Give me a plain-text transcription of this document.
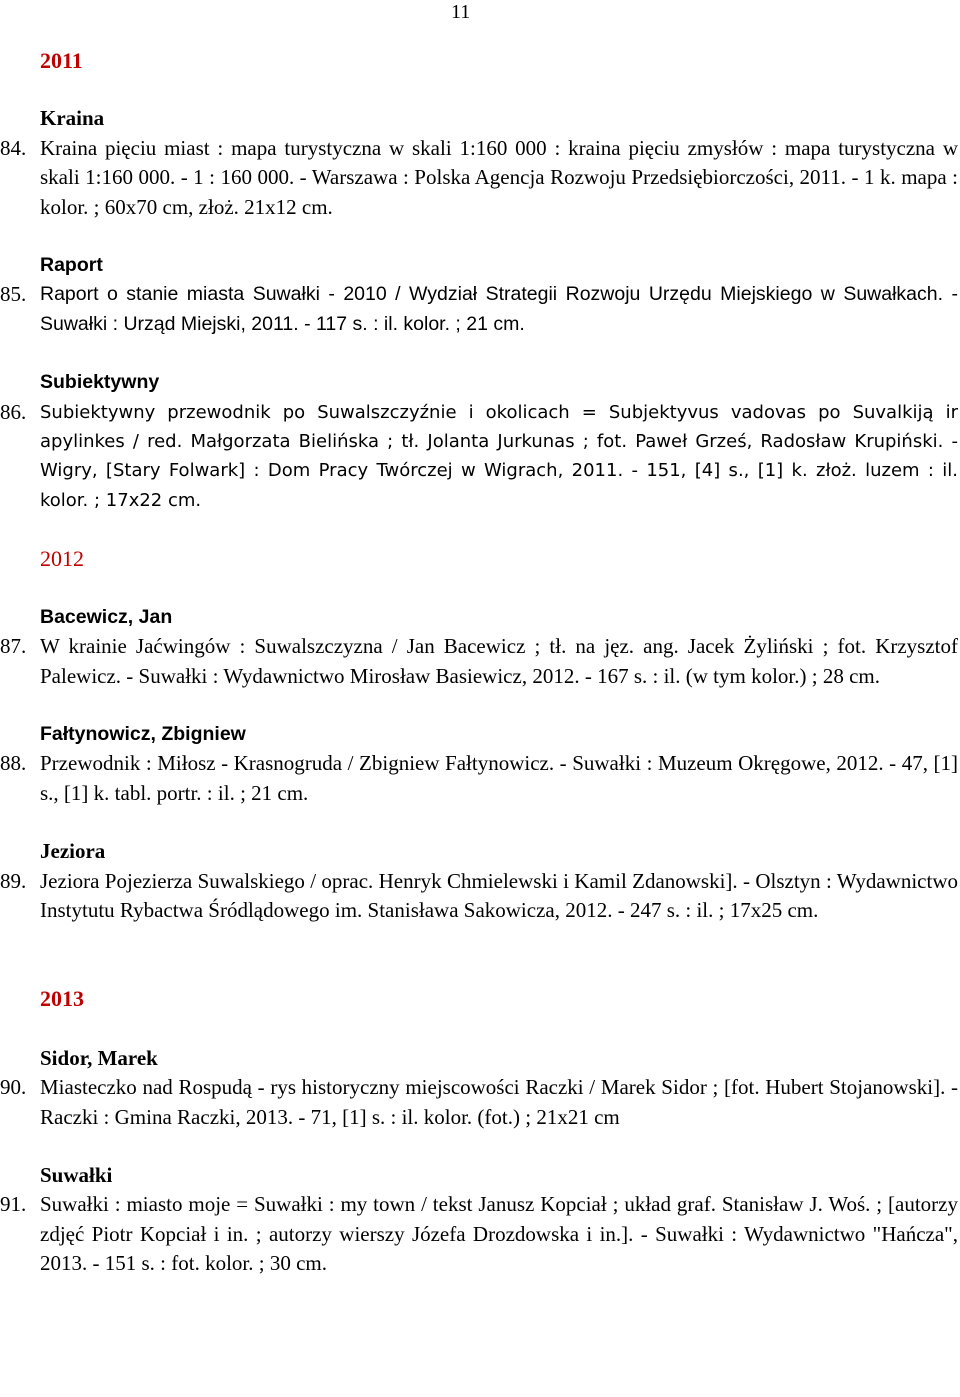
11
2011
Kraina
84. Kraina pięciu miast : mapa turystyczna w skali 1:160 000 : kraina pięciu zmysłów : mapa turystyczna w skali 1:160 000. - 1 : 160 000. - Warszawa : Polska Agencja Rozwoju Przedsiębiorczości, 2011. - 1 k. mapa : kolor. ; 60x70 cm, złoż. 21x12 cm.
Raport
85. Raport o stanie miasta Suwałki - 2010 / Wydział Strategii Rozwoju Urzędu Miejskiego w Suwałkach. - Suwałki : Urząd Miejski, 2011. - 117 s. : il. kolor. ; 21 cm.
Subiektywny
86. Subiektywny przewodnik po Suwalszczyźnie i okolicach = Subjektyvus vadovas po Suvalkiją ir apylinkes / red. Małgorzata Bielińska ; tł. Jolanta Jurkunas ; fot. Paweł Grześ, Radosław Krupiński. - Wigry, [Stary Folwark] : Dom Pracy Twórczej w Wigrach, 2011. - 151, [4] s., [1] k. złoż. luzem : il. kolor. ; 17x22 cm.
2012
Bacewicz, Jan
87. W krainie Jaćwingów : Suwalszczyzna / Jan Bacewicz ; tł. na jęz. ang. Jacek Żyliński ; fot. Krzysztof Palewicz. - Suwałki : Wydawnictwo Mirosław Basiewicz, 2012. - 167 s. : il. (w tym kolor.) ; 28 cm.
Fałtynowicz, Zbigniew
88. Przewodnik : Miłosz - Krasnogruda / Zbigniew Fałtynowicz. - Suwałki : Muzeum Okręgowe, 2012. - 47, [1] s., [1] k. tabl. portr. : il. ; 21 cm.
Jeziora
89. Jeziora Pojezierza Suwalskiego / oprac. Henryk Chmielewski i Kamil Zdanowski]. - Olsztyn : Wydawnictwo Instytutu Rybactwa Śródlądowego im. Stanisława Sakowicza, 2012. - 247 s. : il. ; 17x25 cm.
2013
Sidor, Marek
90. Miasteczko nad Rospudą - rys historyczny miejscowości Raczki / Marek Sidor ; [fot. Hubert Stojanowski]. - Raczki : Gmina Raczki, 2013. - 71, [1] s. : il. kolor. (fot.) ; 21x21 cm
Suwałki
91. Suwałki : miasto moje = Suwałki : my town / tekst Janusz Kopciał ; układ graf. Stanisław J. Woś. ; [autorzy zdjęć Piotr Kopciał i in. ; autorzy wierszy Józefa Drozdowska i in.]. - Suwałki : Wydawnictwo "Hańcza", 2013. - 151 s. : fot. kolor. ; 30 cm.
